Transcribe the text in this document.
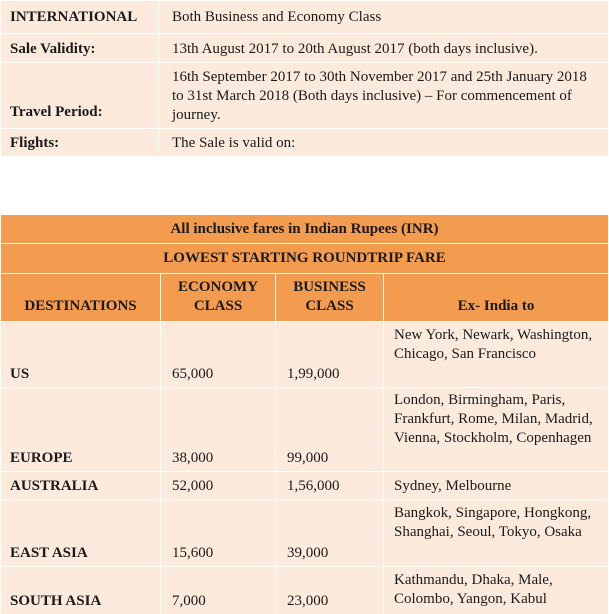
INTERNATIONAL	Both Business and Economy Class
Sale Validity:	13th August 2017 to 20th August 2017 (both days inclusive).
Travel Period:	16th September 2017 to 30th November 2017 and 25th January 2018 to 31st March 2018 (Both days inclusive) – For commencement of journey.
Flights:	The Sale is valid on:
All inclusive fares in Indian Rupees (INR)			
LOWEST STARTING ROUNDTRIP FARE			
DESTINATIONS	ECONOMY CLASS	BUSINESS CLASS	Ex- India to
US	65,000	1,99,000	New York, Newark, Washington, Chicago, San Francisco
EUROPE	38,000	99,000	London, Birmingham, Paris, Frankfurt, Rome, Milan, Madrid, Vienna, Stockholm, Copenhagen
AUSTRALIA	52,000	1,56,000	Sydney, Melbourne
EAST ASIA	15,600	39,000	Bangkok, Singapore, Hongkong, Shanghai, Seoul, Tokyo, Osaka
SOUTH ASIA	7,000	23,000	Kathmandu, Dhaka, Male, Colombo, Yangon, Kabul
